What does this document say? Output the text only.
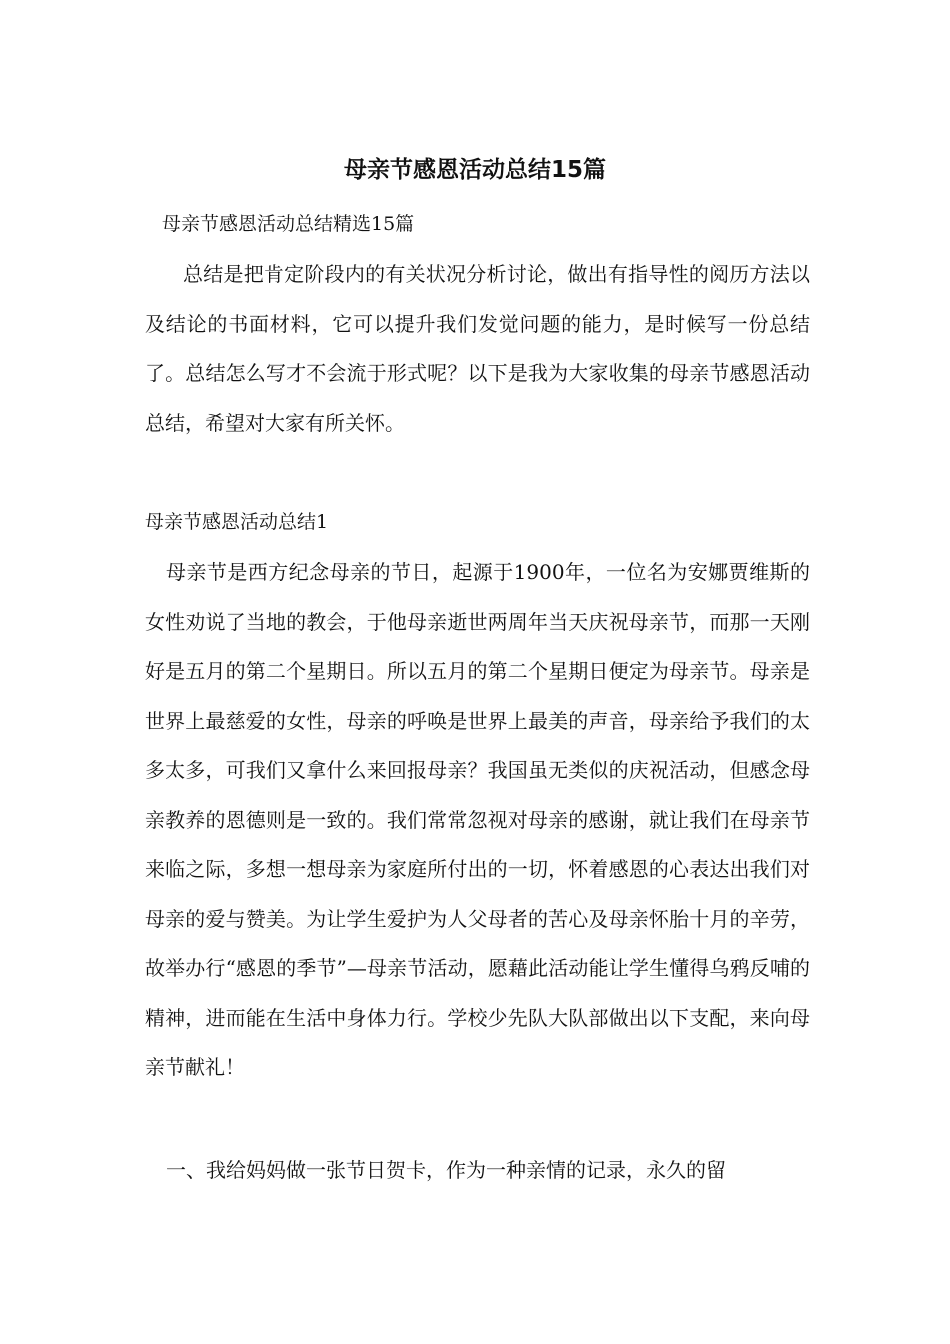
母亲节感恩活动总结15篇

母亲节感恩活动总结精选15篇

总结是把肯定阶段内的有关状况分析讨论，做出有指导性的阅历方法以及结论的书面材料，它可以提升我们发觉问题的能力，是时候写一份总结了。总结怎么写才不会流于形式呢？以下是我为大家收集的母亲节感恩活动总结，希望对大家有所关怀。

母亲节感恩活动总结1

母亲节是西方纪念母亲的节日，起源于1900年，一位名为安娜贾维斯的女性劝说了当地的教会，于他母亲逝世两周年当天庆祝母亲节，而那一天刚好是五月的第二个星期日。所以五月的第二个星期日便定为母亲节。母亲是世界上最慈爱的女性，母亲的呼唤是世界上最美的声音，母亲给予我们的太多太多，可我们又拿什么来回报母亲？我国虽无类似的庆祝活动，但感念母亲教养的恩德则是一致的。我们常常忽视对母亲的感谢，就让我们在母亲节来临之际，多想一想母亲为家庭所付出的一切，怀着感恩的心表达出我们对母亲的爱与赞美。为让学生爱护为人父母者的苦心及母亲怀胎十月的辛劳，故举办行“感恩的季节”—母亲节活动，愿藉此活动能让学生懂得乌鸦反哺的精神，进而能在生活中身体力行。学校少先队大队部做出以下支配，来向母亲节献礼！

一、我给妈妈做一张节日贺卡，作为一种亲情的记录，永久的留
